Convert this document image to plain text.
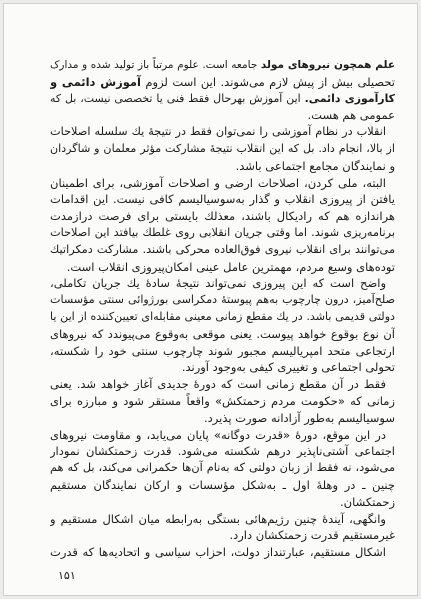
علم همچون نیروهای مولد جامعه است. علوم مرتباً باز تولید شده و مدارک
تحصیلی بیش از پیش لازم می‌شوند. این است لزوم آموزش دائمی و
کارآموزی دائمی. این آموزش بهرحال فقط فنی یا تخصصی نیست، بل که
عمومی هم هست.
انقلاب در نظام آموزشی را نمی‌توان فقط در نتیجهٔ یك سلسله اصلاحات
از بالا، انجام داد. بل که این انقلاب نتیجهٔ مشارکت مؤثر معلمان و شاگردان
و نمایندگان مجامع اجتماعی باشد.
البته، ملی کردن، اصلاحات ارضی و اصلاحات آموزشی، برای اطمینان
یافتن از پیروزی انقلاب و گذار به‌سوسیالیسم کافی نیست. این اقدامات
هراندازه هم که رادیکال باشند، معذلك بایستی برای فرصت درازمدت
برنامه‌ریزی شوند. اما وقتی جریان انقلابی روی غلطك بیافتد این اصلاحات
می‌توانند برای انقلاب نیروی فوق‌العاده محرکی باشند. مشارکت دمکراتیك
توده‌های وسیع مردم، مهمترین عامل عینی امکان‌پیروزی انقلاب است.
واضح است که این پیروزی نمی‌تواند نتیجهٔ سادهٔ یك جریان تکاملی،
صلح‌آمیز، درون چارچوب به‌هم پیوستهٔ دمکراسی بورژوائی سنتی مؤسسات
دولتی قدیمی باشد. در یك مقطع زمانی معینی مقابله‌ای تعیین‌کننده از این یا
آن نوع بوقوع خواهد پیوست. یعنی موقعی به‌وقوع می‌پیوندد که نیروهای
ارتجاعی متحد امپریالیسم مجبور شوند چارچوب سنتی خود را شکسته،
تحولی اجتماعی و تغییری کیفی به‌وجود آورند.
فقط در آن مقطع زمانی است که دورهٔ جدیدی آغاز خواهد شد. یعنی
زمانی که «حکومت مردم زحمتکش» واقعاً مستقر شود و مبارزه برای
سوسیالیسم به‌طور آزادانه صورت پذیرد.
در این موقع، دورهٔ «قدرت دوگانه» پایان می‌یابد، و مقاومت نیروهای
اجتماعی آشتی‌ناپذیر درهم شکسته می‌شود. قدرت زحمتکشان نمودار
می‌شود، نه فقط از زبان دولتی که به‌نام آن‌ها حکمرانی می‌کند، بل که هم
چنین ـ در وهلهٔ اول ـ به‌شکل مؤسسات و ارکان نمایندگان مستقیم
زحمتکشان.
وانگهی، آیندهٔ چنین رژیم‌هائی بستگی به‌رابطه میان اشکال مستقیم و
غیرمستقیم قدرت زحمتکشان دارد.
اشکال مستقیم، عبارتنداز دولت، احزاب سیاسی و اتحادیه‌ها که قدرت
۱۵۱
